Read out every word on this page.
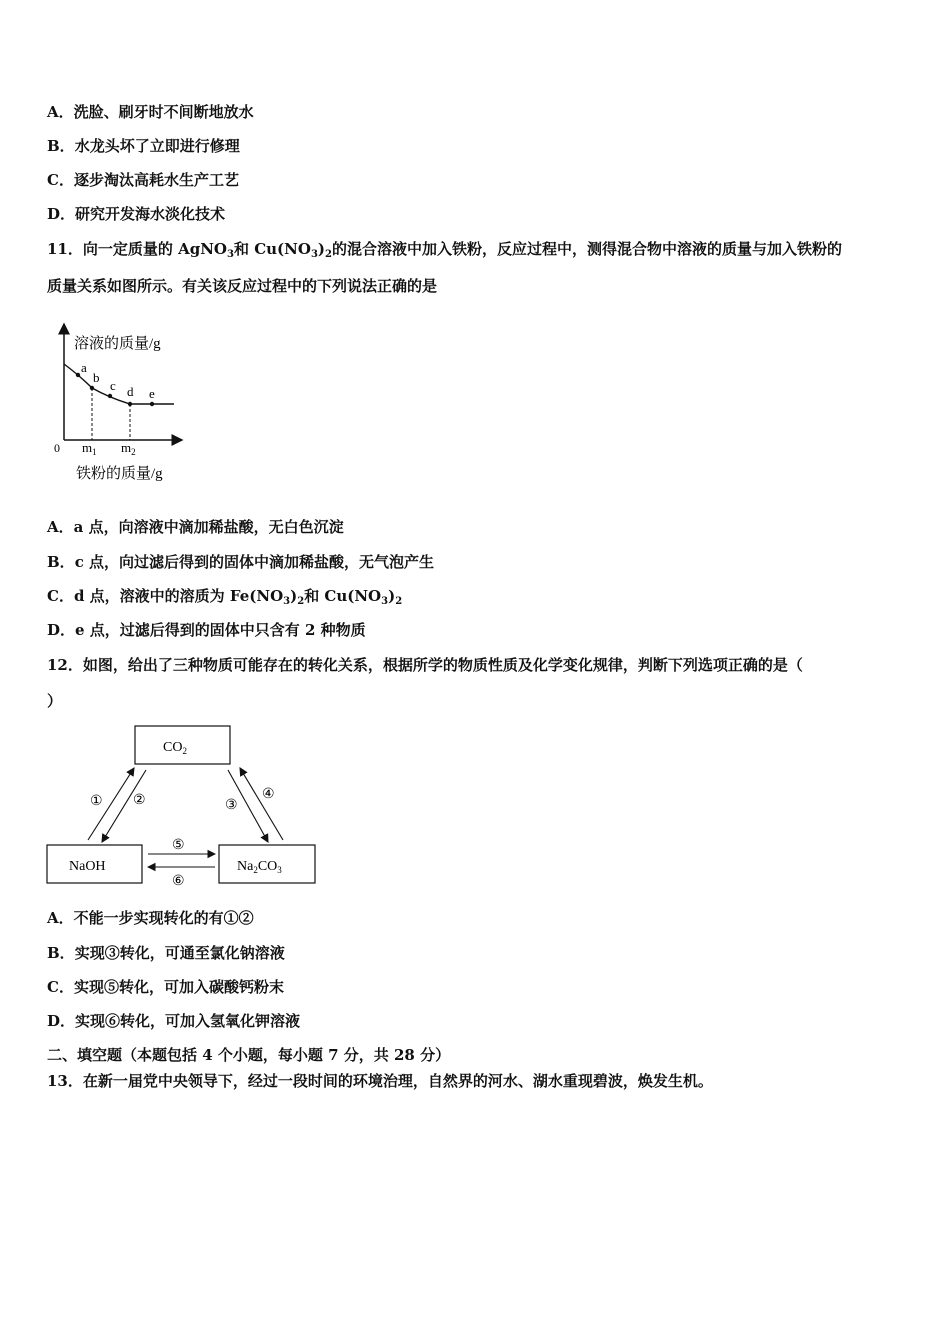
A．洗脸、刷牙时不间断地放水
B．水龙头坏了立即进行修理
C．逐步淘汰高耗水生产工艺
D．研究开发海水淡化技术
11．向一定质量的 AgNO$_3$和 $Cu(NO_3)_2$的混合溶液中加入铁粉，反应过程中，测得混合物中溶液的质量与加入铁粉的
质量关系如图所示。有关该反应过程中的下列说法正确的是
溶液的质量/g
铁粉的质量/g
0
a
b
c d e
$m_1$ $m_2$
A．a 点，向溶液中滴加稀盐酸，无白色沉淀
B．c 点，向过滤后得到的固体中滴加稀盐酸，无气泡产生
C．d 点，溶液中的溶质为 $Fe(NO_3)_2$和 $Cu(NO_3)_2$
D．e 点，过滤后得到的固体中只含有 2 种物质
12．如图，给出了三种物质可能存在的转化关系，根据所学的物质性质及化学变化规律，判断下列选项正确的是（
）
$CO_2$
NaOH	$Na_2CO_3$
① ②	③
④
⑤
⑥
A．不能一步实现转化的有①②
B．实现③转化，可通至氯化钠溶液
C．实现⑤转化，可加入碳酸钙粉末
D．实现⑥转化，可加入氢氧化钾溶液
二、填空题（本题包括 4 个小题，每小题 7 分，共 28 分）
13．在新一届党中央领导下，经过一段时间的环境治理，自然界的河水、湖水重现碧波，焕发生机。
